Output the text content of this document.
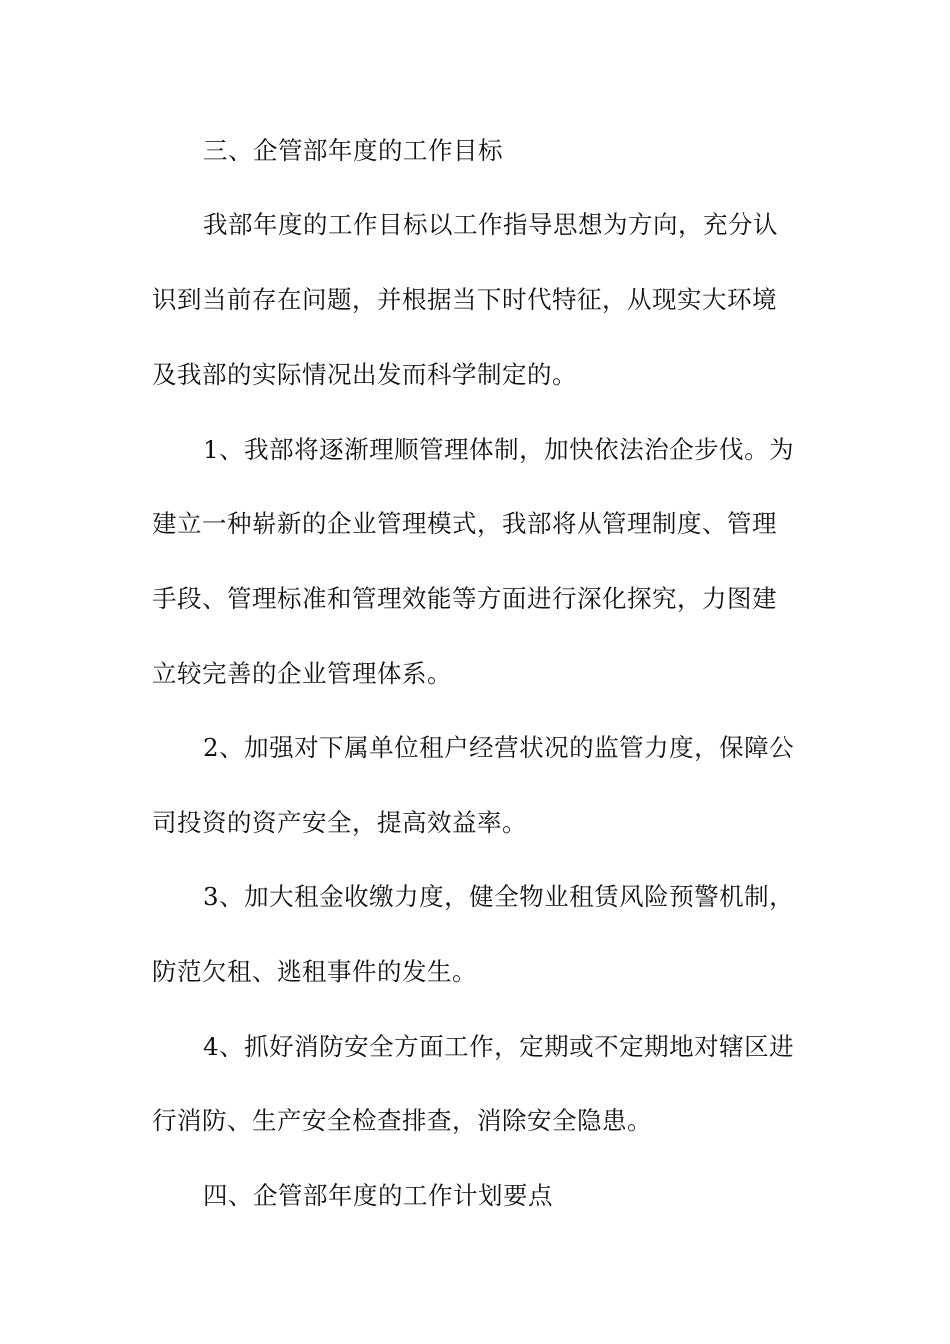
三、企管部年度的工作目标
我部年度的工作目标以工作指导思想为方向，充分认
识到当前存在问题，并根据当下时代特征，从现实大环境
及我部的实际情况出发而科学制定的。
1、我部将逐渐理顺管理体制，加快依法治企步伐。为
建立一种崭新的企业管理模式，我部将从管理制度、管理
手段、管理标准和管理效能等方面进行深化探究，力图建
立较完善的企业管理体系。
2、加强对下属单位租户经营状况的监管力度，保障公
司投资的资产安全，提高效益率。
3、加大租金收缴力度，健全物业租赁风险预警机制，
防范欠租、逃租事件的发生。
4、抓好消防安全方面工作，定期或不定期地对辖区进
行消防、生产安全检查排查，消除安全隐患。
四、企管部年度的工作计划要点
